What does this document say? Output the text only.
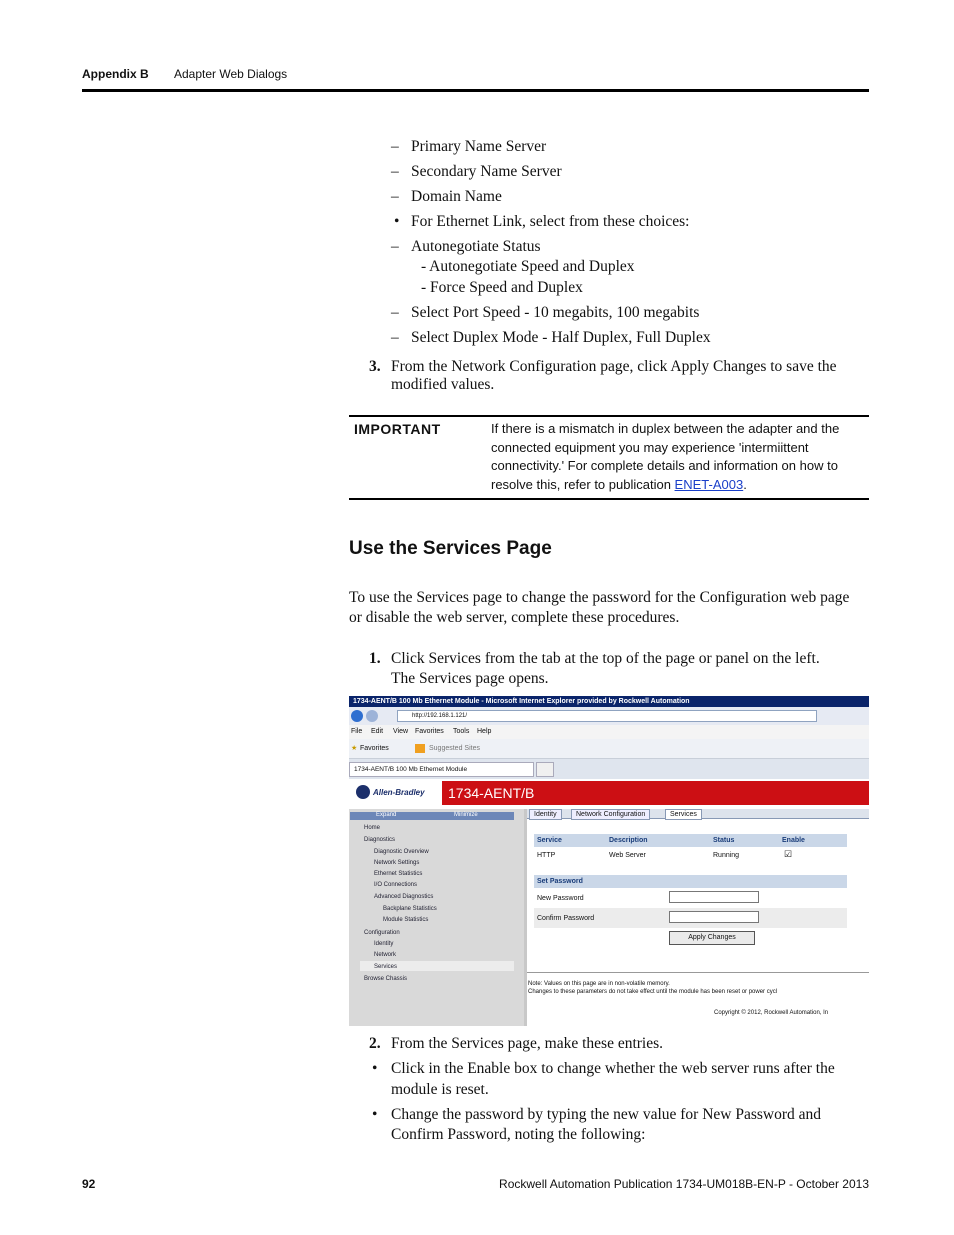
Appendix B Adapter Web Dialogs
– Primary Name Server
– Secondary Name Server
– Domain Name
• For Ethernet Link, select from these choices:
– Autonegotiate Status
- Autonegotiate Speed and Duplex
- Force Speed and Duplex
– Select Port Speed - 10 megabits, 100 megabits
– Select Duplex Mode - Half Duplex, Full Duplex
3. From the Network Configuration page, click Apply Changes to save the
modified values.
IMPORTANT	If there is a mismatch in duplex between the adapter and the
connected equipment you may experience 'intermiittent
connectivity.' For complete details and information on how to
resolve this, refer to publication ENET-A003.
Use the Services Page
To use the Services page to change the password for the Configuration web page
or disable the web server, complete these procedures.
1. Click Services from the tab at the top of the page or panel on the left.
The Services page opens.
1734-AENT/B 100 Mb Ethernet Module - Microsoft Internet Explorer provided by Rockwell Automation
http://192.168.1.121/
File Edit View Favorites Tools Help
★ Favorites	Suggested Sites
1734-AENT/B 100 Mb Ethernet Module
Allen-Bradley	1734-AENT/B
Expand	Minimize
Home
Diagnostics
Diagnostic Overview
Network Settings
Ethernet Statistics
I/O Connections
Advanced Diagnostics
Backplane Statistics
Module Statistics
Configuration
Identity
Network
Services
Browse Chassis
Identity	Network Configuration	Services
Service	Description	Status	Enable
HTTP	Web Server	Running	☑
Set Password
New Password
Confirm Password
Apply Changes
Note: Values on this page are in non-volatile memory.
Changes to these parameters do not take effect until the module has been reset or power cycl
Copyright © 2012, Rockwell Automation, In
2. From the Services page, make these entries.
• Click in the Enable box to change whether the web server runs after the
module is reset.
• Change the password by typing the new value for New Password and
Confirm Password, noting the following:
92	Rockwell Automation Publication 1734-UM018B-EN-P - October 2013
